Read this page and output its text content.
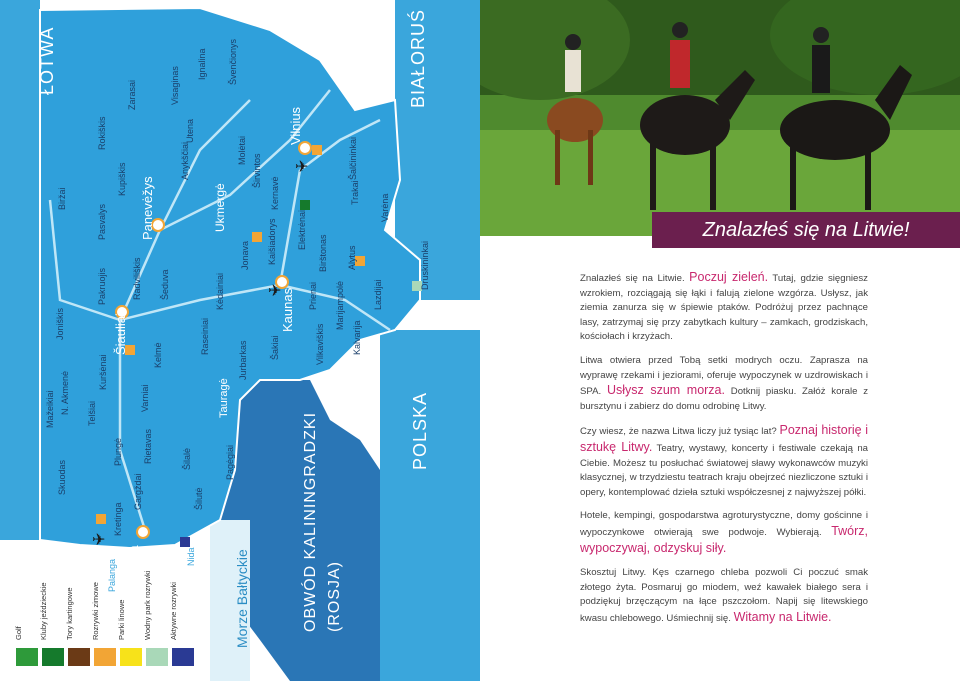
✈
✈
✈
ŁOTWA	BIAŁORUŚ
POLSKA
OBWÓD KALININGRADZKI (ROSJA)
Morze Bałtyckie
Vilnius
Kaunas
Klaipėda
Šiauliai
Panevėžys
Biržai
Rokiškis
Zarasai
Ignalina Švenčionys
Visaginas
Utena
Molėtai
Anykščiai
Kupiškis
Pasvalys	Ukmergė
Širvintos
Kernavė
Elektrėnai
Trakai
Šalčininkai
Varėna
Druskininkai
Lazdijai
Alytus
Birštonas
Prienai
Jonava Kaišiadorys
Kėdainiai
Raseiniai
Jurbarkas Šakiai	Vilkaviškis
Marijampolė
Kalvarija
Radviliškis
Pakruojis
Joniškis
Kelmė
Šeduva
Tauragė
Pagėgiai
Šilalė
Šilutė
Rietavas
Varniai
Gargždai
Kretinga
Palanga
Plungė
Telšiai
Mažeikiai N. Akmenė	Kuršėnai
Skuodas
Nida
Golf Kluby jeździeckie Tory kartingowe Rozrywki zimowe Parki linowe Wodny park rozrywki Aktywne rozrywki
Znalazłeś się na Litwie!

Znalazłeś się na Litwie. Poczuj zieleń. Tutaj, gdzie sięgniesz wzrokiem, rozciągają się łąki i falują zielone wzgórza. Usłysz, jak ziemia zanurza się w śpiewie ptaków. Podróżuj przez pachnące lasy, zatrzymaj się przy zabytkach kultury – zamkach, grodziskach, kościołach i krzyżach.

Litwa otwiera przed Tobą setki modrych oczu. Zaprasza na wyprawę rzekami i jeziorami, oferuje wypoczynek w uzdrowiskach i SPA. Usłysz szum morza. Dotknij piasku. Załóż korale z bursztynu i zabierz do domu odrobinę Litwy.

Czy wiesz, że nazwa Litwa liczy już tysiąc lat? Poznaj historię i sztukę Litwy. Teatry, wystawy, koncerty i festiwale czekają na Ciebie. Możesz tu posłuchać światowej sławy wykonawców muzyki klasycznej, w trzydziestu teatrach kraju obejrzeć niezliczone sztuki i opery, kontemplować dzieła sztuki współczesnej z najwyższej półki.

Hotele, kempingi, gospodarstwa agroturystyczne, domy gościnne i wypoczynkowe otwierają swe podwoje. Wybierają. Twórz, wypoczywaj, odzyskuj siły.

Skosztuj Litwy. Kęs czarnego chleba pozwoli Ci poczuć smak złotego żyta. Posmaruj go miodem, weź kawałek białego sera i podziękuj brzęczącym na łące pszczołom. Napij się litewskiego kwasu chlebowego. Uśmiechnij się. Witamy na Litwie.
